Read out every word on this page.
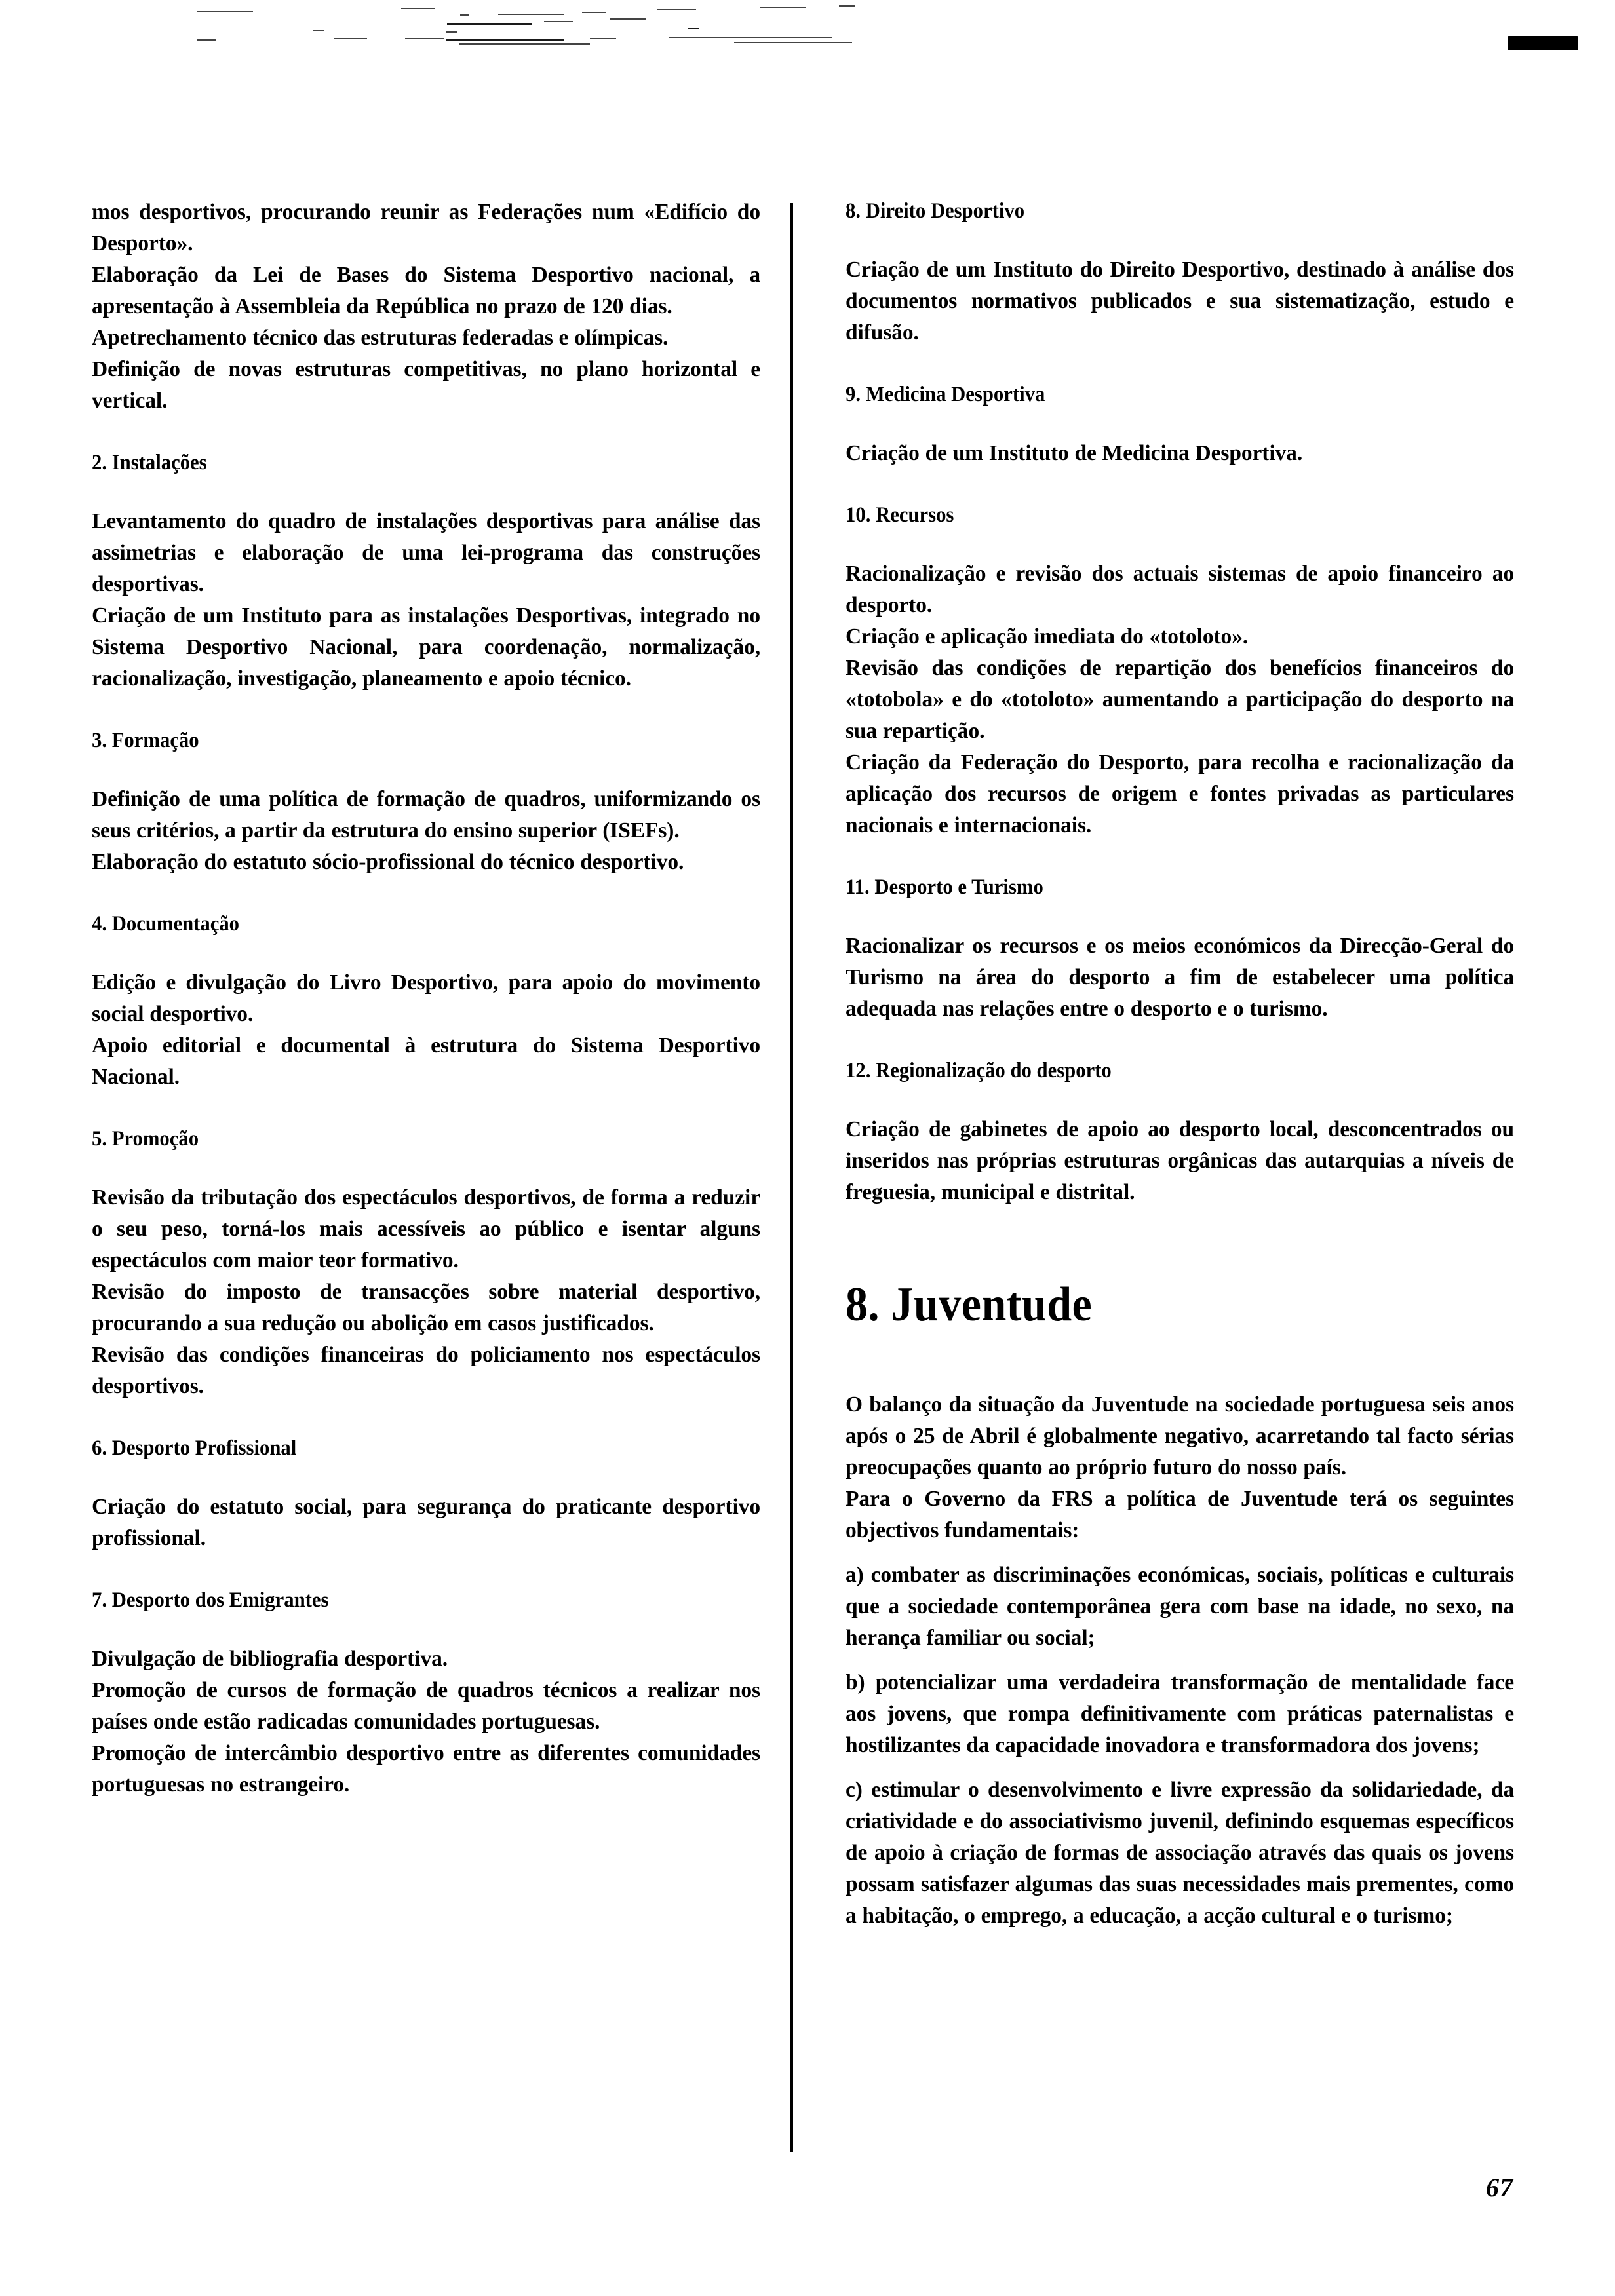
mos desportivos, procurando reunir as Federações num «Edifício do Desporto».

Elaboração da Lei de Bases do Sistema Desportivo nacional, a apresentação à Assembleia da República no prazo de 120 dias.

Apetrechamento técnico das estruturas federadas e olímpicas.

Definição de novas estruturas competitivas, no plano horizontal e vertical.

2. Instalações

Levantamento do quadro de instalações desportivas para análise das assimetrias e elaboração de uma lei-programa das construções desportivas.

Criação de um Instituto para as instalações Desportivas, integrado no Sistema Desportivo Nacional, para coordenação, normalização, racionalização, investigação, planeamento e apoio técnico.

3. Formação

Definição de uma política de formação de quadros, uniformizando os seus critérios, a partir da estrutura do ensino superior (ISEFs).

Elaboração do estatuto sócio-profissional do técnico desportivo.

4. Documentação

Edição e divulgação do Livro Desportivo, para apoio do movimento social desportivo.

Apoio editorial e documental à estrutura do Sistema Desportivo Nacional.

5. Promoção

Revisão da tributação dos espectáculos desportivos, de forma a reduzir o seu peso, torná-los mais acessíveis ao público e isentar alguns espectáculos com maior teor formativo.

Revisão do imposto de transacções sobre material desportivo, procurando a sua redução ou abolição em casos justificados.

Revisão das condições financeiras do policiamento nos espectáculos desportivos.

6. Desporto Profissional

Criação do estatuto social, para segurança do praticante desportivo profissional.

7. Desporto dos Emigrantes

Divulgação de bibliografia desportiva.

Promoção de cursos de formação de quadros técnicos a realizar nos países onde estão radicadas comunidades portuguesas.

Promoção de intercâmbio desportivo entre as diferentes comunidades portuguesas no estrangeiro.

8. Direito Desportivo

Criação de um Instituto do Direito Desportivo, destinado à análise dos documentos normativos publicados e sua sistematização, estudo e difusão.

9. Medicina Desportiva

Criação de um Instituto de Medicina Desportiva.

10. Recursos

Racionalização e revisão dos actuais sistemas de apoio financeiro ao desporto.

Criação e aplicação imediata do «totoloto».

Revisão das condições de repartição dos benefícios financeiros do «totobola» e do «totoloto» aumentando a participação do desporto na sua repartição.

Criação da Federação do Desporto, para recolha e racionalização da aplicação dos recursos de origem e fontes privadas as particulares nacionais e internacionais.

11. Desporto e Turismo

Racionalizar os recursos e os meios económicos da Direcção-Geral do Turismo na área do desporto a fim de estabelecer uma política adequada nas relações entre o desporto e o turismo.

12. Regionalização do desporto

Criação de gabinetes de apoio ao desporto local, desconcentrados ou inseridos nas próprias estruturas orgânicas das autarquias a níveis de freguesia, municipal e distrital.

8. Juventude

O balanço da situação da Juventude na sociedade portuguesa seis anos após o 25 de Abril é globalmente negativo, acarretando tal facto sérias preocupações quanto ao próprio futuro do nosso país.

Para o Governo da FRS a política de Juventude terá os seguintes objectivos fundamentais:

a) combater as discriminações económicas, sociais, políticas e culturais que a sociedade contemporânea gera com base na idade, no sexo, na herança familiar ou social;

b) potencializar uma verdadeira transformação de mentalidade face aos jovens, que rompa definitivamente com práticas paternalistas e hostilizantes da capacidade inovadora e transformadora dos jovens;

c) estimular o desenvolvimento e livre expressão da solidariedade, da criatividade e do associativismo juvenil, definindo esquemas específicos de apoio à criação de formas de associação através das quais os jovens possam satisfazer algumas das suas necessidades mais prementes, como a habitação, o emprego, a educação, a acção cultural e o turismo;

67
